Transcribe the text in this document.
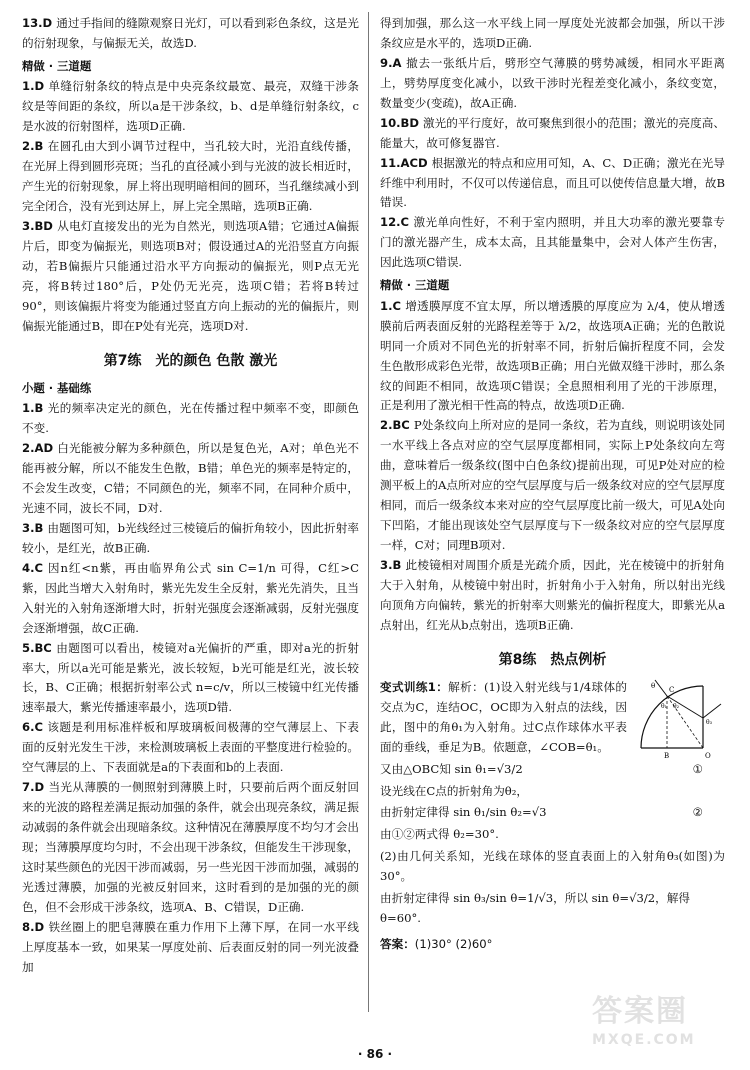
13.D 通过手指间的缝隙观察日光灯，可以看到彩色条纹，这是光的衍射现象，与偏振无关，故选D.

精做 · 三道题

1.D 单缝衍射条纹的特点是中央亮条纹最宽、最亮，双缝干涉条纹是等间距的条纹，所以a是干涉条纹，b、d是单缝衍射条纹，c是水波的衍射图样，选项D正确.

2.B 在圆孔由大到小调节过程中，当孔较大时，光沿直线传播，在光屏上得到圆形亮斑；当孔的直径减小到与光波的波长相近时，产生光的衍射现象，屏上将出现明暗相间的圆环，当孔继续减小到完全闭合，没有光到达屏上，屏上完全黑暗，选项B正确.

3.BD 从电灯直接发出的光为自然光，则选项A错；它通过A偏振片后，即变为偏振光，则选项B对；假设通过A的光沿竖直方向振动，若B偏振片只能通过沿水平方向振动的偏振光，则P点无光亮，将B转过180°后，P处仍无光亮，选项C错；若将B转过90°，则该偏振片将变为能通过竖直方向上振动的光的偏振片，则偏振光能通过B，即在P处有光亮，选项D对.

第7练 光的颜色 色散 激光
小题 · 基础练

1.B 光的频率决定光的颜色，光在传播过程中频率不变，即颜色不变.

2.AD 白光能被分解为多种颜色，所以是复色光，A对；单色光不能再被分解，所以不能发生色散，B错；单色光的频率是特定的，不会发生改变，C错；不同颜色的光，频率不同，在同种介质中，光速不同，波长不同，D对.

3.B 由题图可知，b光线经过三棱镜后的偏折角较小，因此折射率较小，是红光，故B正确.

4.C 因n红<n紫，再由临界角公式 sin C=1/n 可得，C红>C紫，因此当增大入射角时，紫光先发生全反射，紫光先消失，且当入射光的入射角逐渐增大时，折射光强度会逐渐减弱，反射光强度会逐渐增强，故C正确.

5.BC 由题图可以看出，棱镜对a光偏折的严重，即对a光的折射率大，所以a光可能是紫光，波长较短，b光可能是红光，波长较长，B、C正确；根据折射率公式 n=c/v，所以三棱镜中红光传播速率最大，紫光传播速率最小，选项D错.

6.C 该题是利用标准样板和厚玻璃板间极薄的空气薄层上、下表面的反射光发生干涉，来检测玻璃板上表面的平整度进行检验的。空气薄层的上、下表面就是a的下表面和b的上表面.

7.D 当光从薄膜的一侧照射到薄膜上时，只要前后两个面反射回来的光波的路程差满足振动加强的条件，就会出现亮条纹，满足振动减弱的条件就会出现暗条纹。这种情况在薄膜厚度不均匀才会出现；当薄膜厚度均匀时，不会出现干涉条纹，但能发生干涉现象，这时某些颜色的光因干涉而减弱，另一些光因干涉而加强，减弱的光透过薄膜，加强的光被反射回来，这时看到的是加强的光的颜色，但不会形成干涉条纹，选项A、B、C错误，D正确.

8.D 铁丝圈上的肥皂薄膜在重力作用下上薄下厚，在同一水平线上厚度基本一致，如果某一厚度处前、后表面反射的同一列光波叠加

得到加强，那么这一水平线上同一厚度处光波都会加强，所以干涉条纹应是水平的，选项D正确.

9.A 撤去一张纸片后，劈形空气薄膜的劈势减缓，相同水平距离上，劈势厚度变化减小，以致干涉时光程差变化减小，条纹变宽，数量变少(变疏)，故A正确.

10.BD 激光的平行度好，故可聚焦到很小的范围；激光的亮度高、能量大，故可修复器官.

11.ACD 根据激光的特点和应用可知，A、C、D正确；激光在光导纤维中利用时，不仅可以传递信息，而且可以使传信息量大增，故B错误.

12.C 激光单向性好，不利于室内照明，并且大功率的激光要靠专门的激光器产生，成本太高，且其能量集中，会对人体产生伤害，因此选项C错误.

精做 · 三道题

1.C 增透膜厚度不宜太厚，所以增透膜的厚度应为 λ/4，使从增透膜前后两表面反射的光路程差等于 λ/2，故选项A正确；光的色散说明同一介质对不同色光的折射率不同，折射后偏折程度不同，会发生色散形成彩色光带，故选项B正确；用白光做双缝干涉时，那么条纹的间距不相同，故选项C错误；全息照相利用了光的干涉原理，正是利用了激光相干性高的特点，故选项D正确.

2.BC P处条纹向上所对应的是同一条纹，若为直线，则说明该处同一水平线上各点对应的空气层厚度都相同，实际上P处条纹向左弯曲，意味着后一级条纹(图中白色条纹)提前出现，可见P处对应的检测平板上的A点所对应的空气层厚度与后一级条纹对应的空气层厚度相同，而后一级条纹本来对应的空气层厚度比前一级大，可见A处向下凹陷，才能出现该处空气层厚度与下一级条纹对应的空气层厚度一样，C对；同理B项对.

3.B 此棱镜相对周围介质是光疏介质，因此，光在棱镜中的折射角大于入射角，从棱镜中射出时，折射角小于入射角，所以射出光线向顶角方向偏转，紫光的折射率大则紫光的偏折程度大，即紫光从a点射出，红光从b点射出，选项B正确.

第8练 热点例析
θ C
θ₁ θ₂
θ₃
B	O
变式训练1：解析：(1)设入射光线与1/4球体的交点为C，连结OC，OC即为入射点的法线，因此，图中的角θ₁为入射角。过C点作球体水平表面的垂线，垂足为B。依题意，∠COB=θ₁。
又由△OBC知 sin θ₁=√3/2	①
设光线在C点的折射角为θ₂，
由折射定律得 sin θ₁/sin θ₂=√3	②
由①②两式得 θ₂=30°.

(2)由几何关系知，光线在球体的竖直表面上的入射角θ₃(如图)为30°。

由折射定律得 sin θ₃/sin θ=1/√3，所以 sin θ=√3/2，解得 θ=60°.
答案：(1)30° (2)60°
· 86 ·
答案圈
MXQE.COM
